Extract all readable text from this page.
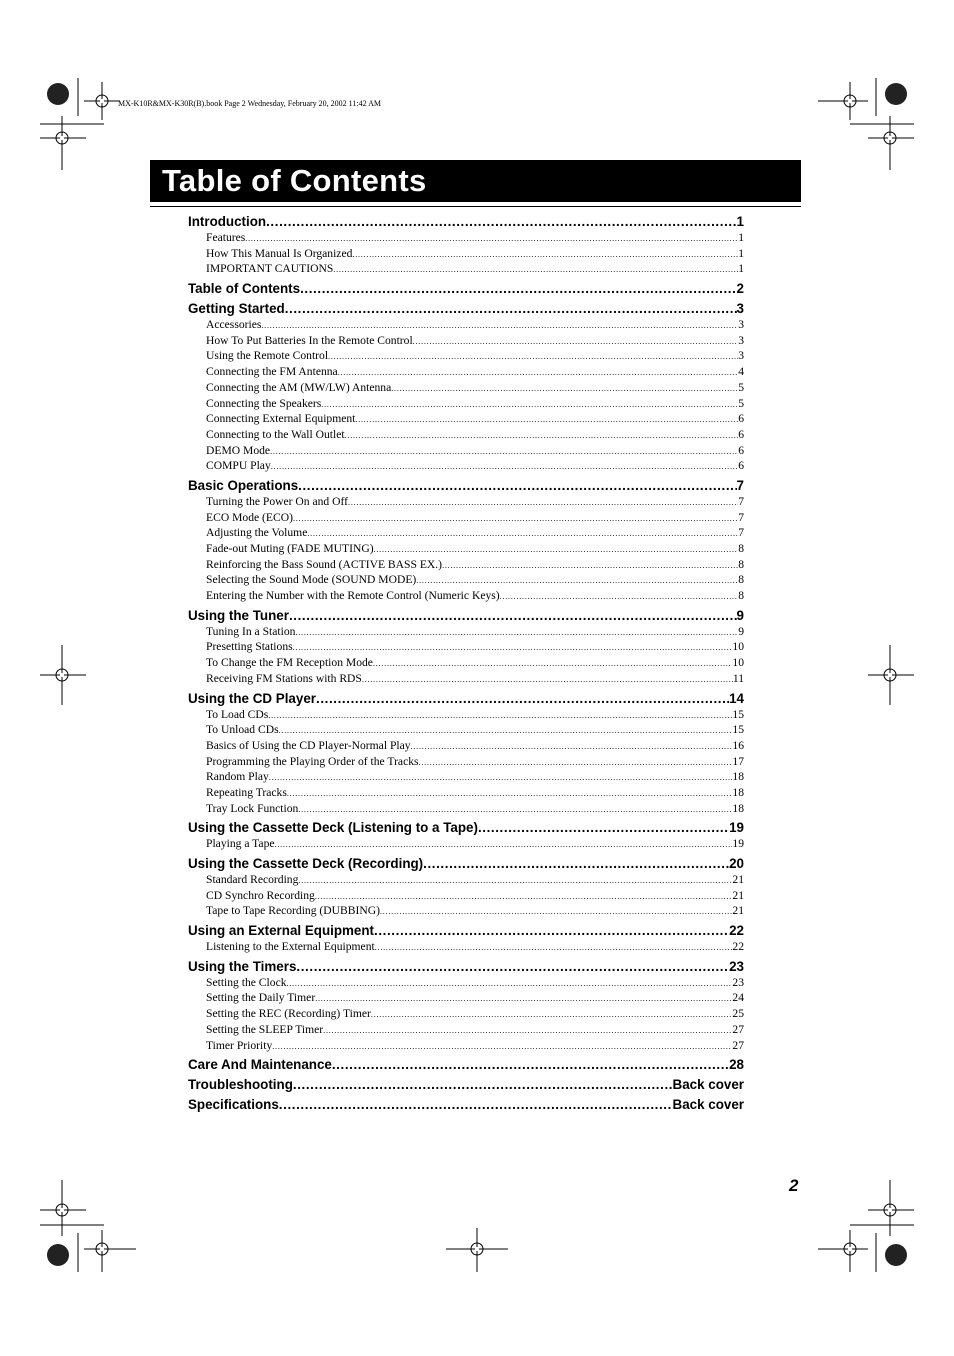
MX-K10R&MX-K30R(B).book Page 2 Wednesday, February 20, 2002 11:42 AM
Table of Contents
Introduction .....	1
Features .....	1
How This Manual Is Organized .....	1
IMPORTANT CAUTIONS .....	1
Table of Contents .....	2
Getting Started .....	3
Accessories .....	3
How To Put Batteries In the Remote Control .....	3
Using the Remote Control .....	3
Connecting the FM Antenna .....	4
Connecting the AM (MW/LW) Antenna .....	5
Connecting the Speakers .....	5
Connecting External Equipment .....	6
Connecting to the Wall Outlet .....	6
DEMO Mode .....	6
COMPU Play .....	6
Basic Operations .....	7
Turning the Power On and Off .....	7
ECO Mode (ECO) .....	7
Adjusting the Volume .....	7
Fade-out Muting (FADE MUTING) .....	8
Reinforcing the Bass Sound (ACTIVE BASS EX.) .....	8
Selecting the Sound Mode (SOUND MODE) .....	8
Entering the Number with the Remote Control (Numeric Keys) .....	8
Using the Tuner .....	9
Tuning In a Station .....	9
Presetting Stations .....	10
To Change the FM Reception Mode .....	10
Receiving FM Stations with RDS .....	11
Using the CD Player .....	14
To Load CDs .....	15
To Unload CDs .....	15
Basics of Using the CD Player-Normal Play .....	16
Programming the Playing Order of the Tracks .....	17
Random Play .....	18
Repeating Tracks .....	18
Tray Lock Function .....	18
Using the Cassette Deck (Listening to a Tape) .....	19
Playing a Tape .....	19
Using the Cassette Deck (Recording) .....	20
Standard Recording .....	21
CD Synchro Recording .....	21
Tape to Tape Recording (DUBBING) .....	21
Using an External Equipment .....	22
Listening to the External Equipment .....	22
Using the Timers .....	23
Setting the Clock .....	23
Setting the Daily Timer .....	24
Setting the REC (Recording) Timer .....	25
Setting the SLEEP Timer .....	27
Timer Priority .....	27
Care And Maintenance .....	28
Troubleshooting .....	Back cover
Specifications .....	Back cover
2
